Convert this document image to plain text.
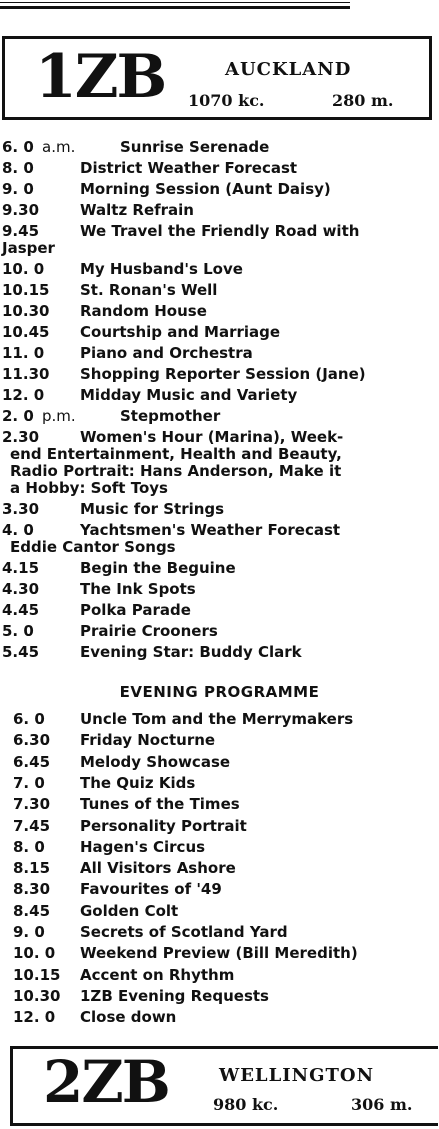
1ZB	AUCKLAND
1070 kc.	280 m.
6. 0 a.m.	Sunrise Serenade
8. 0	District Weather Forecast
9. 0	Morning Session (Aunt Daisy)
9.30	Waltz Refrain
9.45	We Travel the Friendly Road with
Jasper
10. 0 My Husband's Love
10.15 St. Ronan's Well
10.30 Random House
10.45 Courtship and Marriage
11. 0 Piano and Orchestra
11.30 Shopping Reporter Session (Jane)
12. 0 Midday Music and Variety
2. 0 p.m.	Stepmother
2.30	Women's Hour (Marina), Week-
end Entertainment, Health and Beauty,
Radio Portrait: Hans Anderson, Make it
a Hobby: Soft Toys
3.30	Music for Strings
4. 0	Yachtsmen's Weather Forecast
Eddie Cantor Songs
4.15	Begin the Beguine
4.30	The Ink Spots
4.45	Polka Parade
5. 0	Prairie Crooners
5.45	Evening Star: Buddy Clark
EVENING PROGRAMME
6. 0 Uncle Tom and the Merrymakers
6.30 Friday Nocturne
6.45 Melody Showcase
7. 0 The Quiz Kids
7.30 Tunes of the Times
7.45 Personality Portrait
8. 0 Hagen's Circus
8.15 All Visitors Ashore
8.30 Favourites of '49
8.45 Golden Colt
9. 0 Secrets of Scotland Yard
10. 0 Weekend Preview (Bill Meredith)
10.15 Accent on Rhythm
10.30 1ZB Evening Requests
12. 0 Close down
2ZB	WELLINGTON
980 kc.	306 m.
